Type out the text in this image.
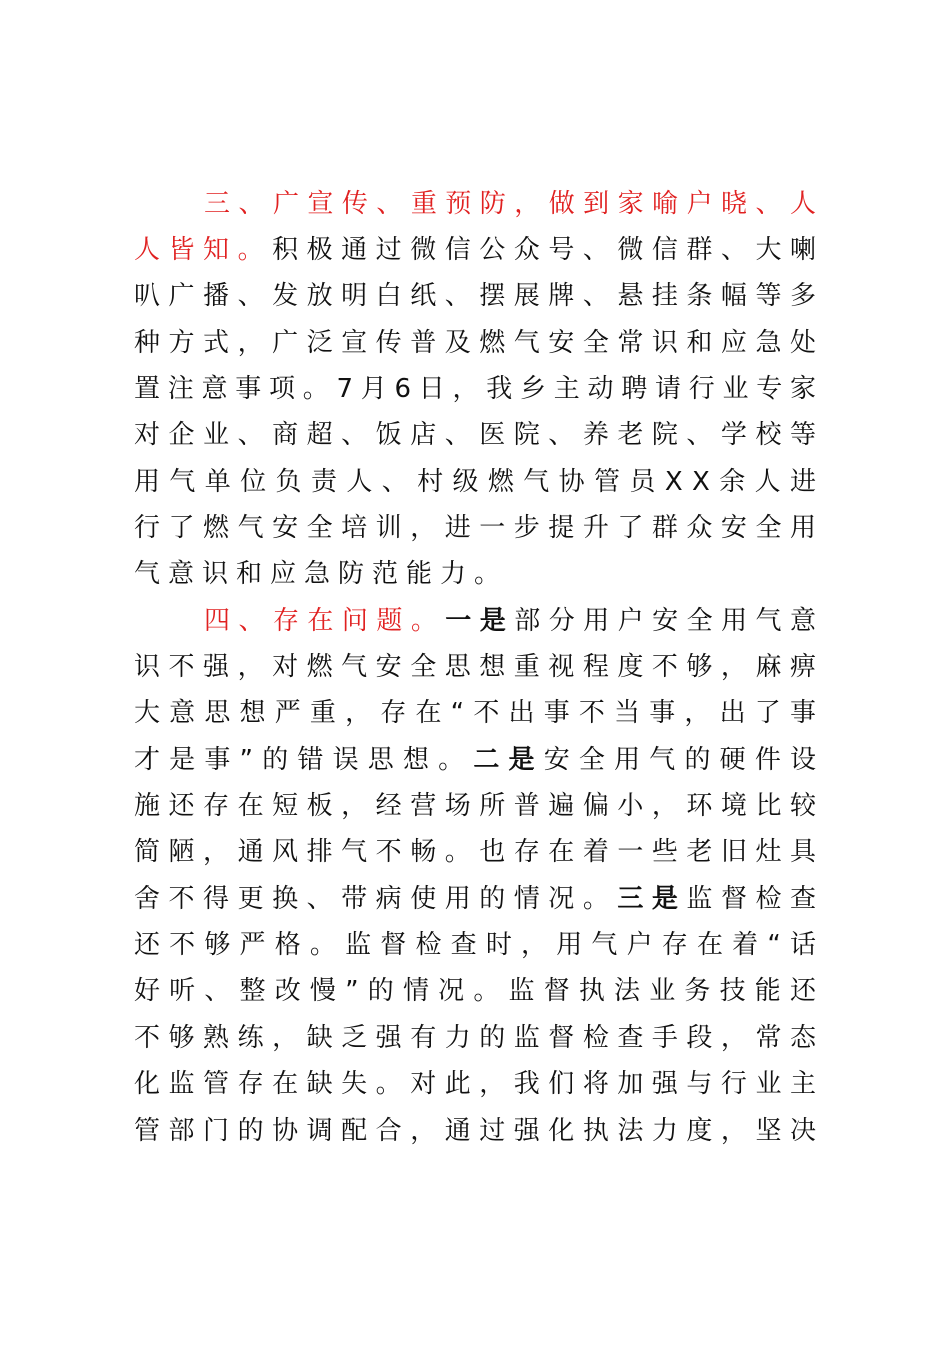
三、广宣传、重预防，做到家喻户晓、人
人皆知。积极通过微信公众号、微信群、大喇
叭广播、发放明白纸、摆展牌、悬挂条幅等多
种方式，广泛宣传普及燃气安全常识和应急处
置注意事项。7月6日，我乡主动聘请行业专家
对企业、商超、饭店、医院、养老院、学校等
用气单位负责人、村级燃气协管员XX余人进
行了燃气安全培训，进一步提升了群众安全用
气意识和应急防范能力。
四、存在问题。一是部分用户安全用气意
识不强，对燃气安全思想重视程度不够，麻痹
大意思想严重，存在“不出事不当事，出了事
才是事”的错误思想。二是安全用气的硬件设
施还存在短板，经营场所普遍偏小，环境比较
简陋，通风排气不畅。也存在着一些老旧灶具
舍不得更换、带病使用的情况。三是监督检查
还不够严格。监督检查时，用气户存在着“话
好听、整改慢”的情况。监督执法业务技能还
不够熟练，缺乏强有力的监督检查手段，常态
化监管存在缺失。对此，我们将加强与行业主
管部门的协调配合，通过强化执法力度，坚决
